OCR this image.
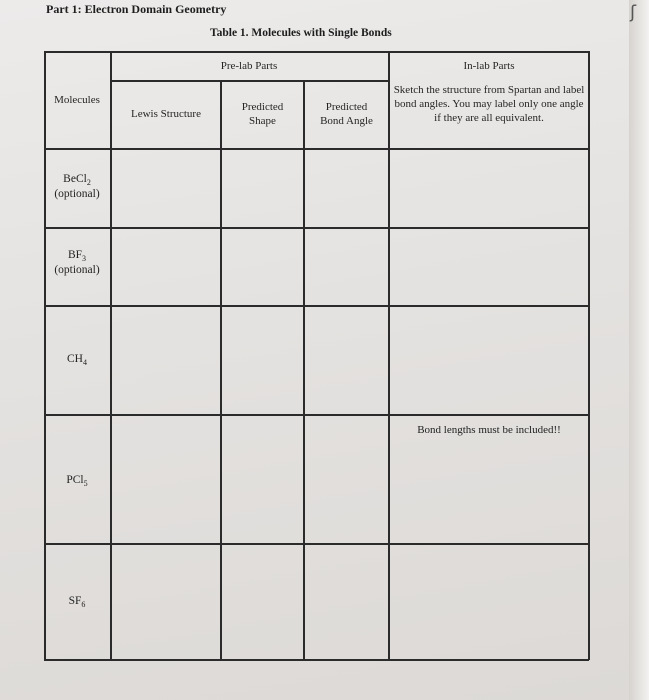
ʃ
Part 1: Electron Domain Geometry
Table 1. Molecules with Single Bonds
Pre-lab Parts	In-lab Parts
Molecules
Lewis Structure
Predicted
Shape
Predicted
Bond Angle
Sketch the structure from Spartan and label bond angles. You may label only one angle if they are all equivalent.
BeCl$_2$
(optional)
$BF_3$
(optional)
$CH_4$
PCl$_5$
$SF_6$
Bond lengths must be included!!
